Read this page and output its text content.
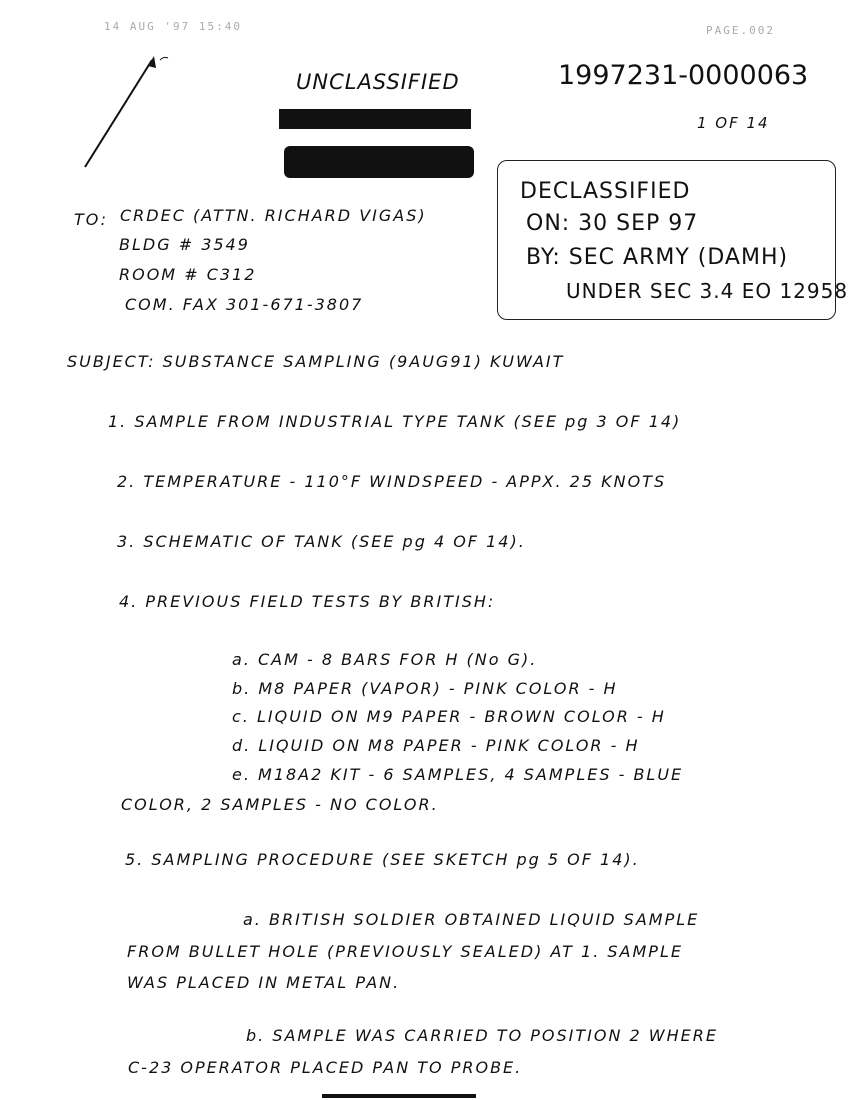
14 AUG '97 15:40	PAGE.002
UNCLASSIFIED	1997231-0000063
1 OF 14
DECLASSIFIED
ON: 30 SEP 97
BY: SEC ARMY (DAMH)
UNDER SEC 3.4 EO 12958
TO: CRDEC (ATTN. RICHARD VIGAS)
BLDG # 3549
ROOM # C312
COM. FAX 301-671-3807
SUBJECT: SUBSTANCE SAMPLING (9AUG91) KUWAIT
1. SAMPLE FROM INDUSTRIAL TYPE TANK (SEE pg 3 OF 14)
2. TEMPERATURE - 110°F WINDSPEED - APPX. 25 KNOTS
3. SCHEMATIC OF TANK (SEE pg 4 OF 14).
4. PREVIOUS FIELD TESTS BY BRITISH:
a. CAM - 8 BARS FOR H (No G).
b. M8 PAPER (VAPOR) - PINK COLOR - H
c. LIQUID ON M9 PAPER - BROWN COLOR - H
d. LIQUID ON M8 PAPER - PINK COLOR - H
e. M18A2 KIT - 6 SAMPLES, 4 SAMPLES - BLUE
COLOR, 2 SAMPLES - NO COLOR.
5. SAMPLING PROCEDURE (SEE SKETCH pg 5 OF 14).
a. BRITISH SOLDIER OBTAINED LIQUID SAMPLE
FROM BULLET HOLE (PREVIOUSLY SEALED) AT 1. SAMPLE
WAS PLACED IN METAL PAN.
b. SAMPLE WAS CARRIED TO POSITION 2 WHERE
C-23 OPERATOR PLACED PAN TO PROBE.
